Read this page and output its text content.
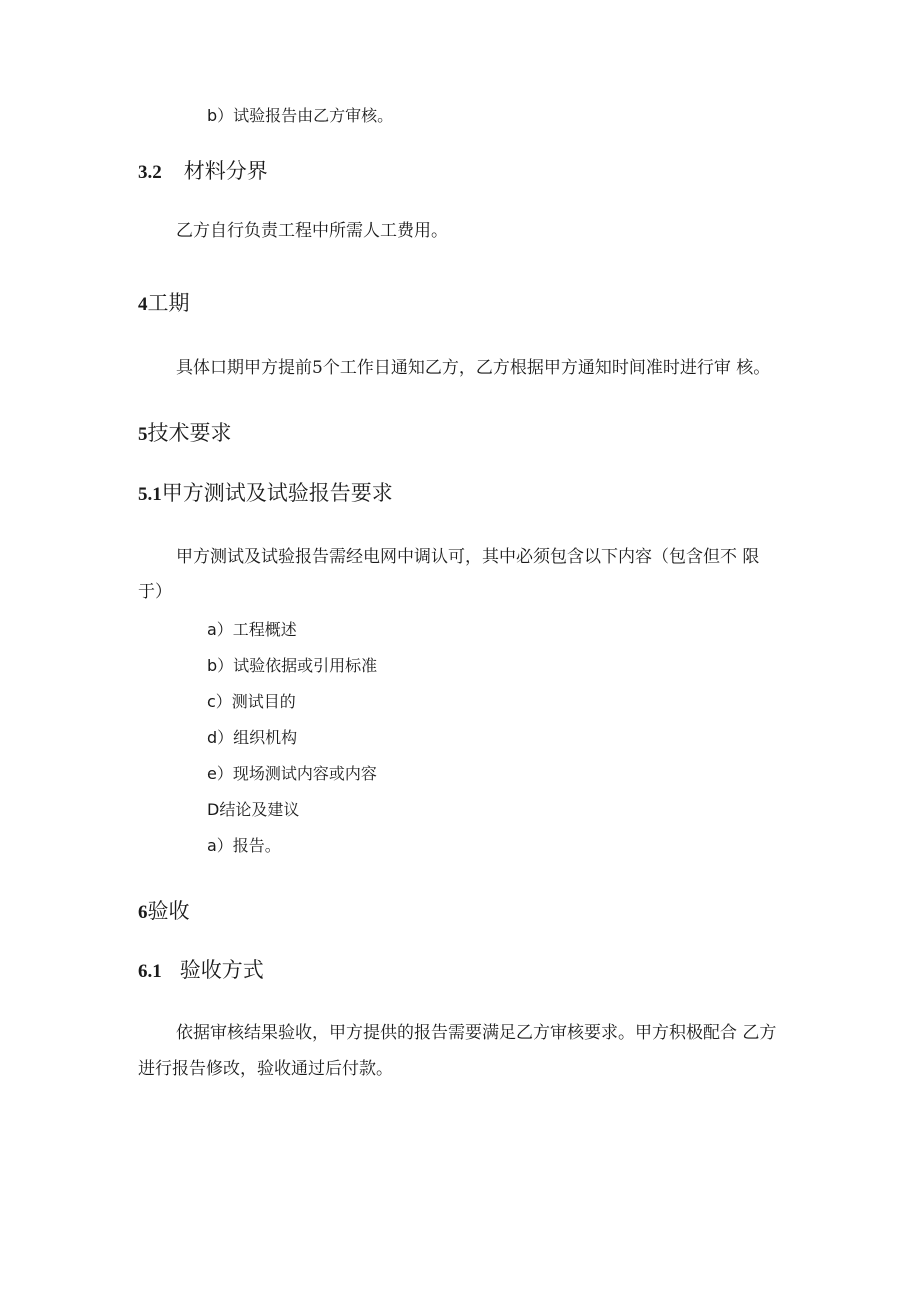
b）试验报告由乙方审核。
3.2 材料分界
乙方自行负责工程中所需人工费用。
4工期
具体口期甲方提前5个工作日通知乙方，乙方根据甲方通知时间准时进行审 核。
5技术要求
5.1甲方测试及试验报告要求
甲方测试及试验报告需经电网中调认可，其中必须包含以下内容（包含但不 限
于）
a）工程概述
b）试验依据或引用标准
c）测试目的
d）组织机构
e）现场测试内容或内容
D结论及建议
a）报告。
6验收
6.1 验收方式
依据审核结果验收，甲方提供的报告需要满足乙方审核要求。甲方积极配合 乙方
进行报告修改，验收通过后付款。
